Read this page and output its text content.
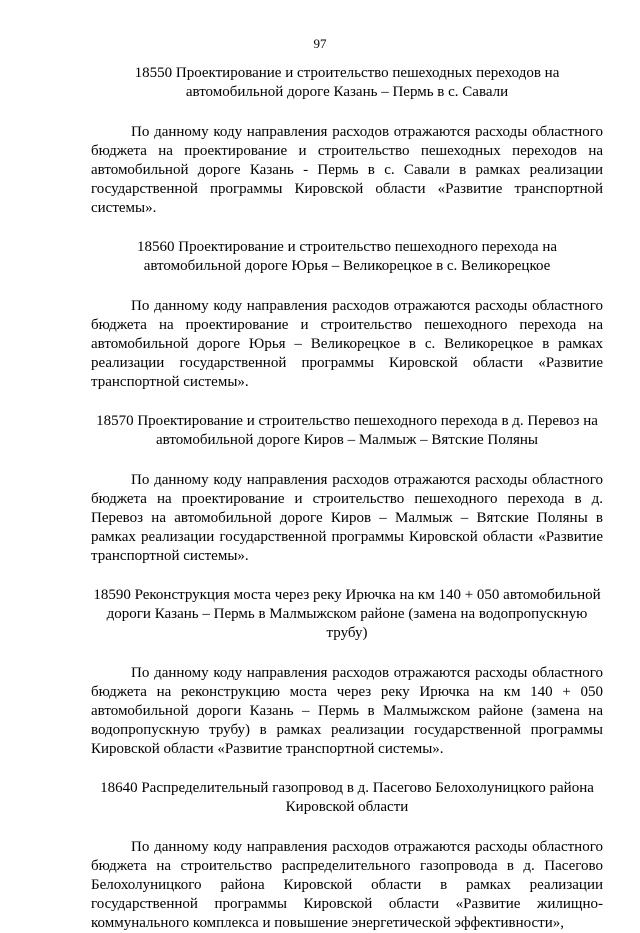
97

18550 Проектирование и строительство пешеходных переходов на автомобильной дороге Казань – Пермь в с. Савали

По данному коду направления расходов отражаются расходы областного бюджета на проектирование и строительство пешеходных переходов на автомобильной дороге Казань - Пермь в с. Савали в рамках реализации государственной программы Кировской области «Развитие транспортной системы».

18560 Проектирование и строительство пешеходного перехода на автомобильной дороге Юрья – Великорецкое в с. Великорецкое

По данному коду направления расходов отражаются расходы областного бюджета на проектирование и строительство пешеходного перехода на автомобильной дороге Юрья – Великорецкое в с. Великорецкое в рамках реализации государственной программы Кировской области «Развитие транспортной системы».

18570 Проектирование и строительство пешеходного перехода в д. Перевоз на автомобильной дороге Киров – Малмыж – Вятские Поляны

По данному коду направления расходов отражаются расходы областного бюджета на проектирование и строительство пешеходного перехода в д. Перевоз на автомобильной дороге Киров – Малмыж – Вятские Поляны в рамках реализации государственной программы Кировской области «Развитие транспортной системы».

18590 Реконструкция моста через реку Ирючка на км 140 + 050 автомобильной дороги Казань – Пермь в Малмыжском районе (замена на водопропускную трубу)

По данному коду направления расходов отражаются расходы областного бюджета на реконструкцию моста через реку Ирючка на км 140 + 050 автомобильной дороги Казань – Пермь в Малмыжском районе (замена на водопропускную трубу) в рамках реализации государственной программы Кировской области «Развитие транспортной системы».

18640 Распределительный газопровод в д. Пасегово Белохолуницкого района Кировской области

По данному коду направления расходов отражаются расходы областного бюджета на строительство распределительного газопровода в д. Пасегово Белохолуницкого района Кировской области в рамках реализации государственной программы Кировской области «Развитие жилищно-коммунального комплекса и повышение энергетической эффективности»,
